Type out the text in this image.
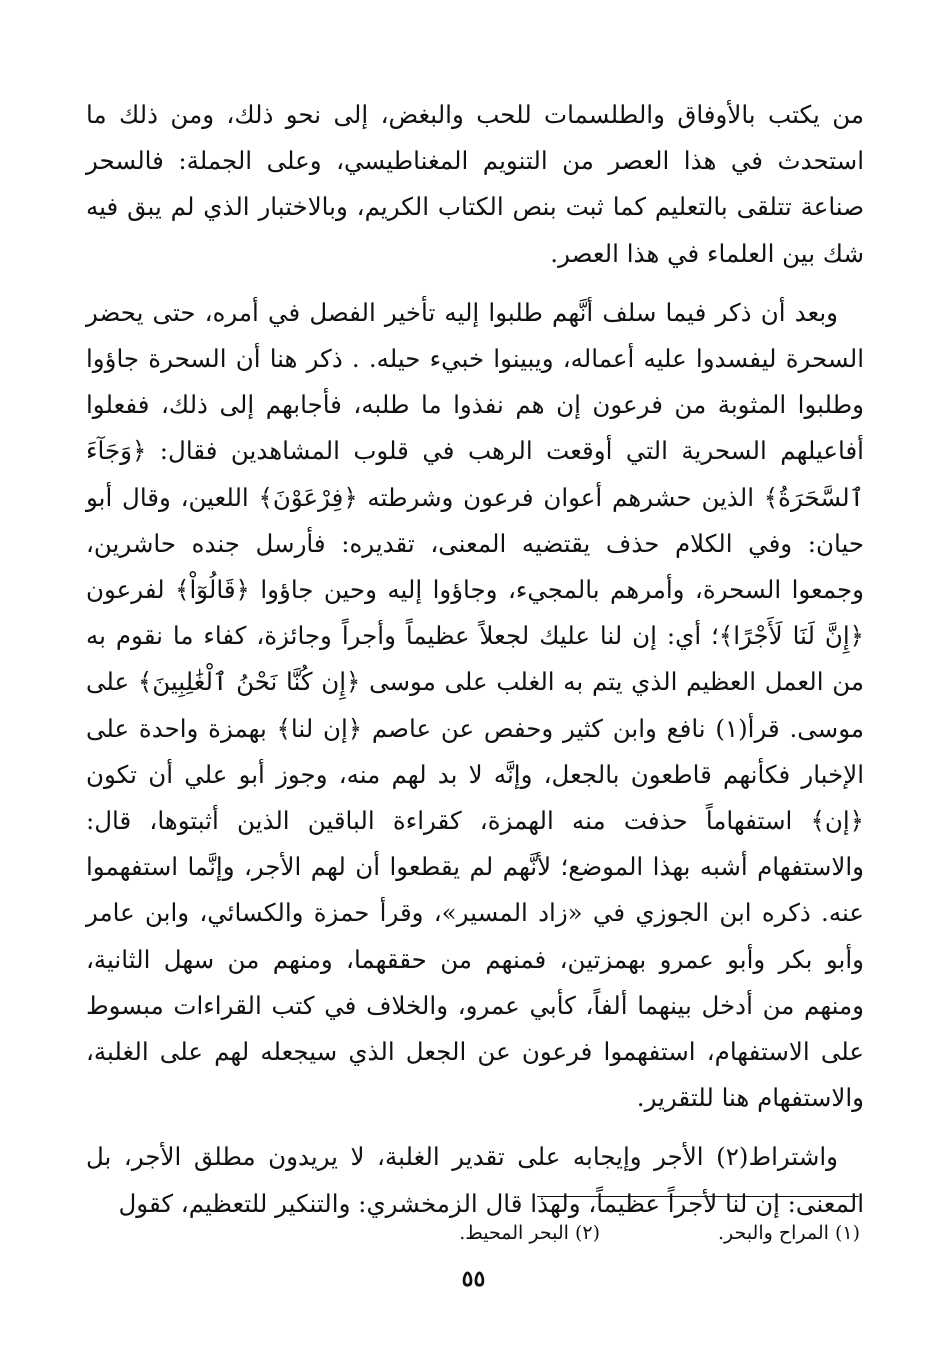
من يكتب بالأوفاق والطلسمات للحب والبغض، إلى نحو ذلك، ومن ذلك ما استحدث في هذا العصر من التنويم المغناطيسي، وعلى الجملة: فالسحر صناعة تتلقى بالتعليم كما ثبت بنص الكتاب الكريم، وبالاختبار الذي لم يبق فيه شك بين العلماء في هذا العصر.

وبعد أن ذكر فيما سلف أنَّهم طلبوا إليه تأخير الفصل في أمره، حتى يحضر السحرة ليفسدوا عليه أعماله، ويبينوا خبيء حيله. . ذكر هنا أن السحرة جاؤوا وطلبوا المثوبة من فرعون إن هم نفذوا ما طلبه، فأجابهم إلى ذلك، ففعلوا أفاعيلهم السحرية التي أوقعت الرهب في قلوب المشاهدين فقال: ﴿وَجَآءَ ٱلسَّحَرَةُ﴾ الذين حشرهم أعوان فرعون وشرطته ﴿فِرْعَوْنَ﴾ اللعين، وقال أبو حيان: وفي الكلام حذف يقتضيه المعنى، تقديره: فأرسل جنده حاشرين، وجمعوا السحرة، وأمرهم بالمجيء، وجاؤوا إليه وحين جاؤوا ﴿قَالُوٓاْ﴾ لفرعون ﴿إِنَّ لَنَا لَأَجْرًا﴾؛ أي: إن لنا عليك لجعلاً عظيماً وأجراً وجائزة، كفاء ما نقوم به من العمل العظيم الذي يتم به الغلب على موسى ﴿إِن كُنَّا نَحْنُ ٱلْغَٰلِبِينَ﴾ على موسى. قرأ(١) نافع وابن كثير وحفص عن عاصم ﴿إن لنا﴾ بهمزة واحدة على الإخبار فكأنهم قاطعون بالجعل، وإنَّه لا بد لهم منه، وجوز أبو علي أن تكون ﴿إن﴾ استفهاماً حذفت منه الهمزة، كقراءة الباقين الذين أثبتوها، قال: والاستفهام أشبه بهذا الموضع؛ لأنَّهم لم يقطعوا أن لهم الأجر، وإنَّما استفهموا عنه. ذكره ابن الجوزي في «زاد المسير»، وقرأ حمزة والكسائي، وابن عامر وأبو بكر وأبو عمرو بهمزتين، فمنهم من حققهما، ومنهم من سهل الثانية، ومنهم من أدخل بينهما ألفاً، كأبي عمرو، والخلاف في كتب القراءات مبسوط على الاستفهام، استفهموا فرعون عن الجعل الذي سيجعله لهم على الغلبة، والاستفهام هنا للتقرير.

واشتراط(٢) الأجر وإيجابه على تقدير الغلبة، لا يريدون مطلق الأجر، بل المعنى: إن لنا لأجراً عظيماً، ولهذا قال الزمخشري: والتنكير للتعظيم، كقول

(١) المراح والبحر.
(٢) البحر المحيط.
٥٥
